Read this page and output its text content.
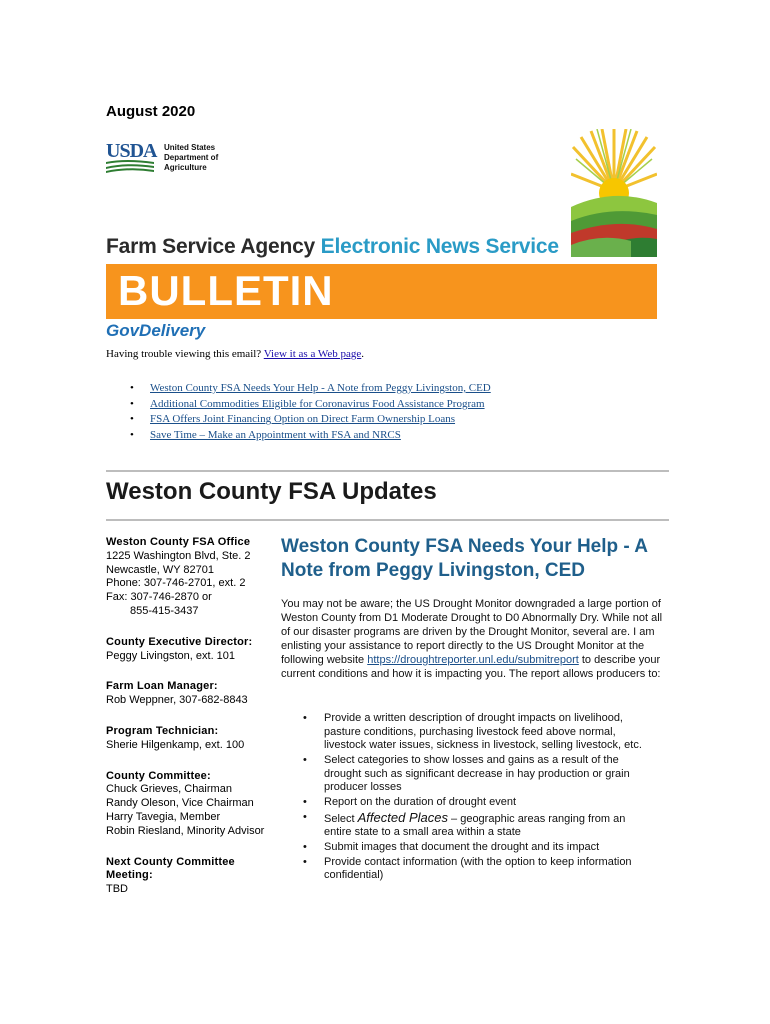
August 2020
USDA United States
Department of
Agriculture
Farm Service Agency Electronic News Service
BULLETIN
GovDelivery
Having trouble viewing this email? View it as a Web page.
• Weston County FSA Needs Your Help - A Note from Peggy Livingston, CED
• Additional Commodities Eligible for Coronavirus Food Assistance Program
• FSA Offers Joint Financing Option on Direct Farm Ownership Loans
• Save Time – Make an Appointment with FSA and NRCS
Weston County FSA Updates
Weston County FSA Office
1225 Washington Blvd, Ste. 2
Newcastle, WY 82701
Phone: 307-746-2701, ext. 2
Fax: 307-746-2870 or
855-415-3437
County Executive Director:
Peggy Livingston, ext. 101
Farm Loan Manager:
Rob Weppner, 307-682-8843
Program Technician:
Sherie Hilgenkamp, ext. 100
County Committee:
Chuck Grieves, Chairman
Randy Oleson, Vice Chairman
Harry Tavegia, Member
Robin Riesland, Minority Advisor
Next County Committee
Meeting:
TBD
Weston County FSA Needs Your Help - A Note from Peggy Livingston, CED
You may not be aware; the US Drought Monitor downgraded a large portion of Weston County from D1 Moderate Drought to D0 Abnormally Dry. While not all of our disaster programs are driven by the Drought Monitor, several are. I am enlisting your assistance to report directly to the US Drought Monitor at the following website https://droughtreporter.unl.edu/submitreport to describe your current conditions and how it is impacting you. The report allows producers to:
• Provide a written description of drought impacts on livelihood, pasture conditions, purchasing livestock feed above normal, livestock water issues, sickness in livestock, selling livestock, etc.
• Select categories to show losses and gains as a result of the drought such as significant decrease in hay production or grain producer losses
• Report on the duration of drought event
• Select Affected Places – geographic areas ranging from an entire state to a small area within a state
• Submit images that document the drought and its impact
• Provide contact information (with the option to keep information confidential)
